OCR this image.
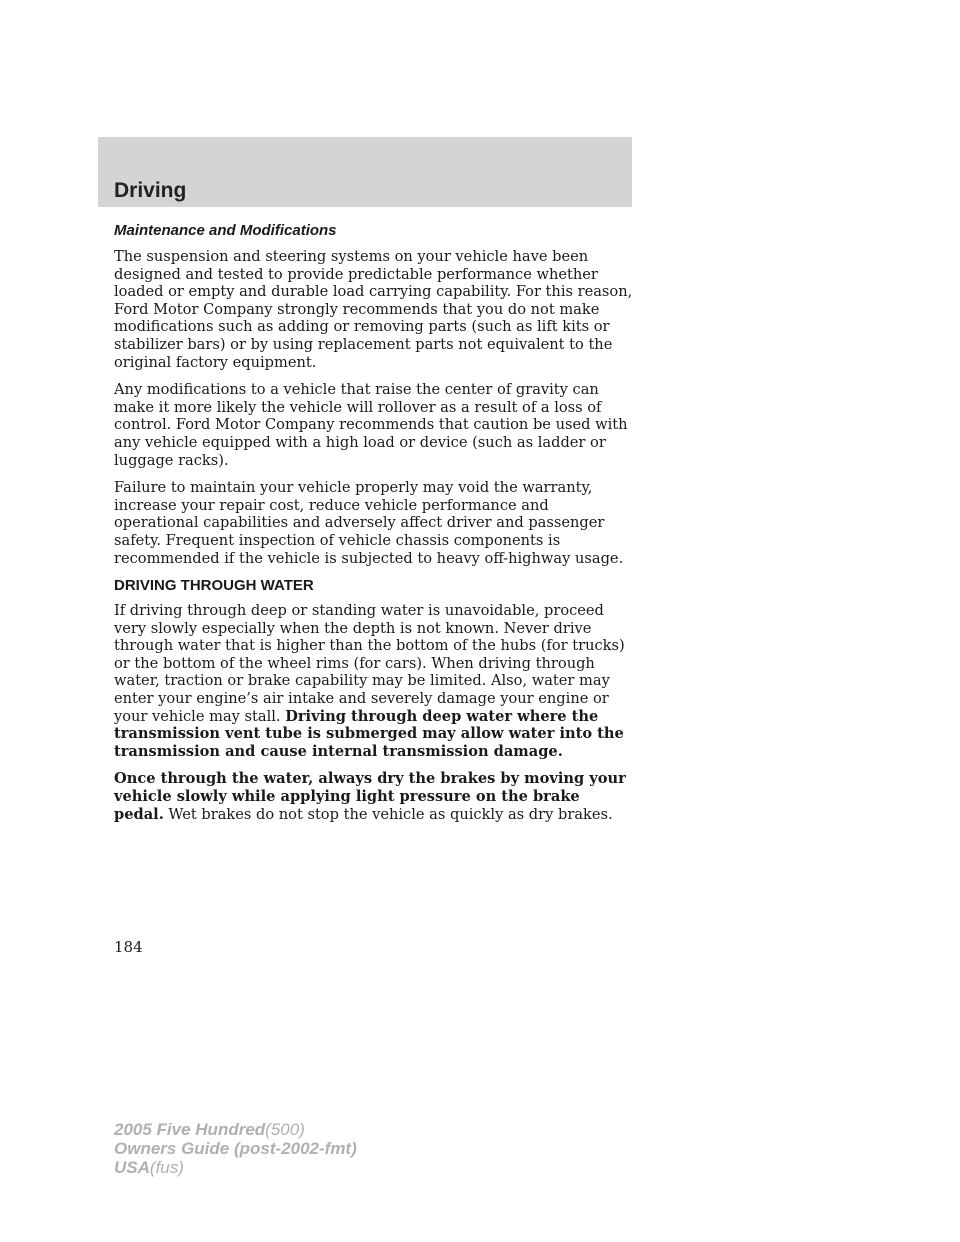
Driving
Maintenance and Modifications

The suspension and steering systems on your vehicle have been designed and tested to provide predictable performance whether loaded or empty and durable load carrying capability. For this reason, Ford Motor Company strongly recommends that you do not make modifications such as adding or removing parts (such as lift kits or stabilizer bars) or by using replacement parts not equivalent to the original factory equipment.

Any modifications to a vehicle that raise the center of gravity can make it more likely the vehicle will rollover as a result of a loss of control. Ford Motor Company recommends that caution be used with any vehicle equipped with a high load or device (such as ladder or luggage racks).

Failure to maintain your vehicle properly may void the warranty, increase your repair cost, reduce vehicle performance and operational capabilities and adversely affect driver and passenger safety. Frequent inspection of vehicle chassis components is recommended if the vehicle is subjected to heavy off-highway usage.

DRIVING THROUGH WATER

If driving through deep or standing water is unavoidable, proceed very slowly especially when the depth is not known. Never drive through water that is higher than the bottom of the hubs (for trucks) or the bottom of the wheel rims (for cars). When driving through water, traction or brake capability may be limited. Also, water may enter your engine’s air intake and severely damage your engine or your vehicle may stall. Driving through deep water where the transmission vent tube is submerged may allow water into the transmission and cause internal transmission damage.

Once through the water, always dry the brakes by moving your vehicle slowly while applying light pressure on the brake pedal. Wet brakes do not stop the vehicle as quickly as dry brakes.

184

2005 Five Hundred(500)

Owners Guide (post-2002-fmt)

USA(fus)
